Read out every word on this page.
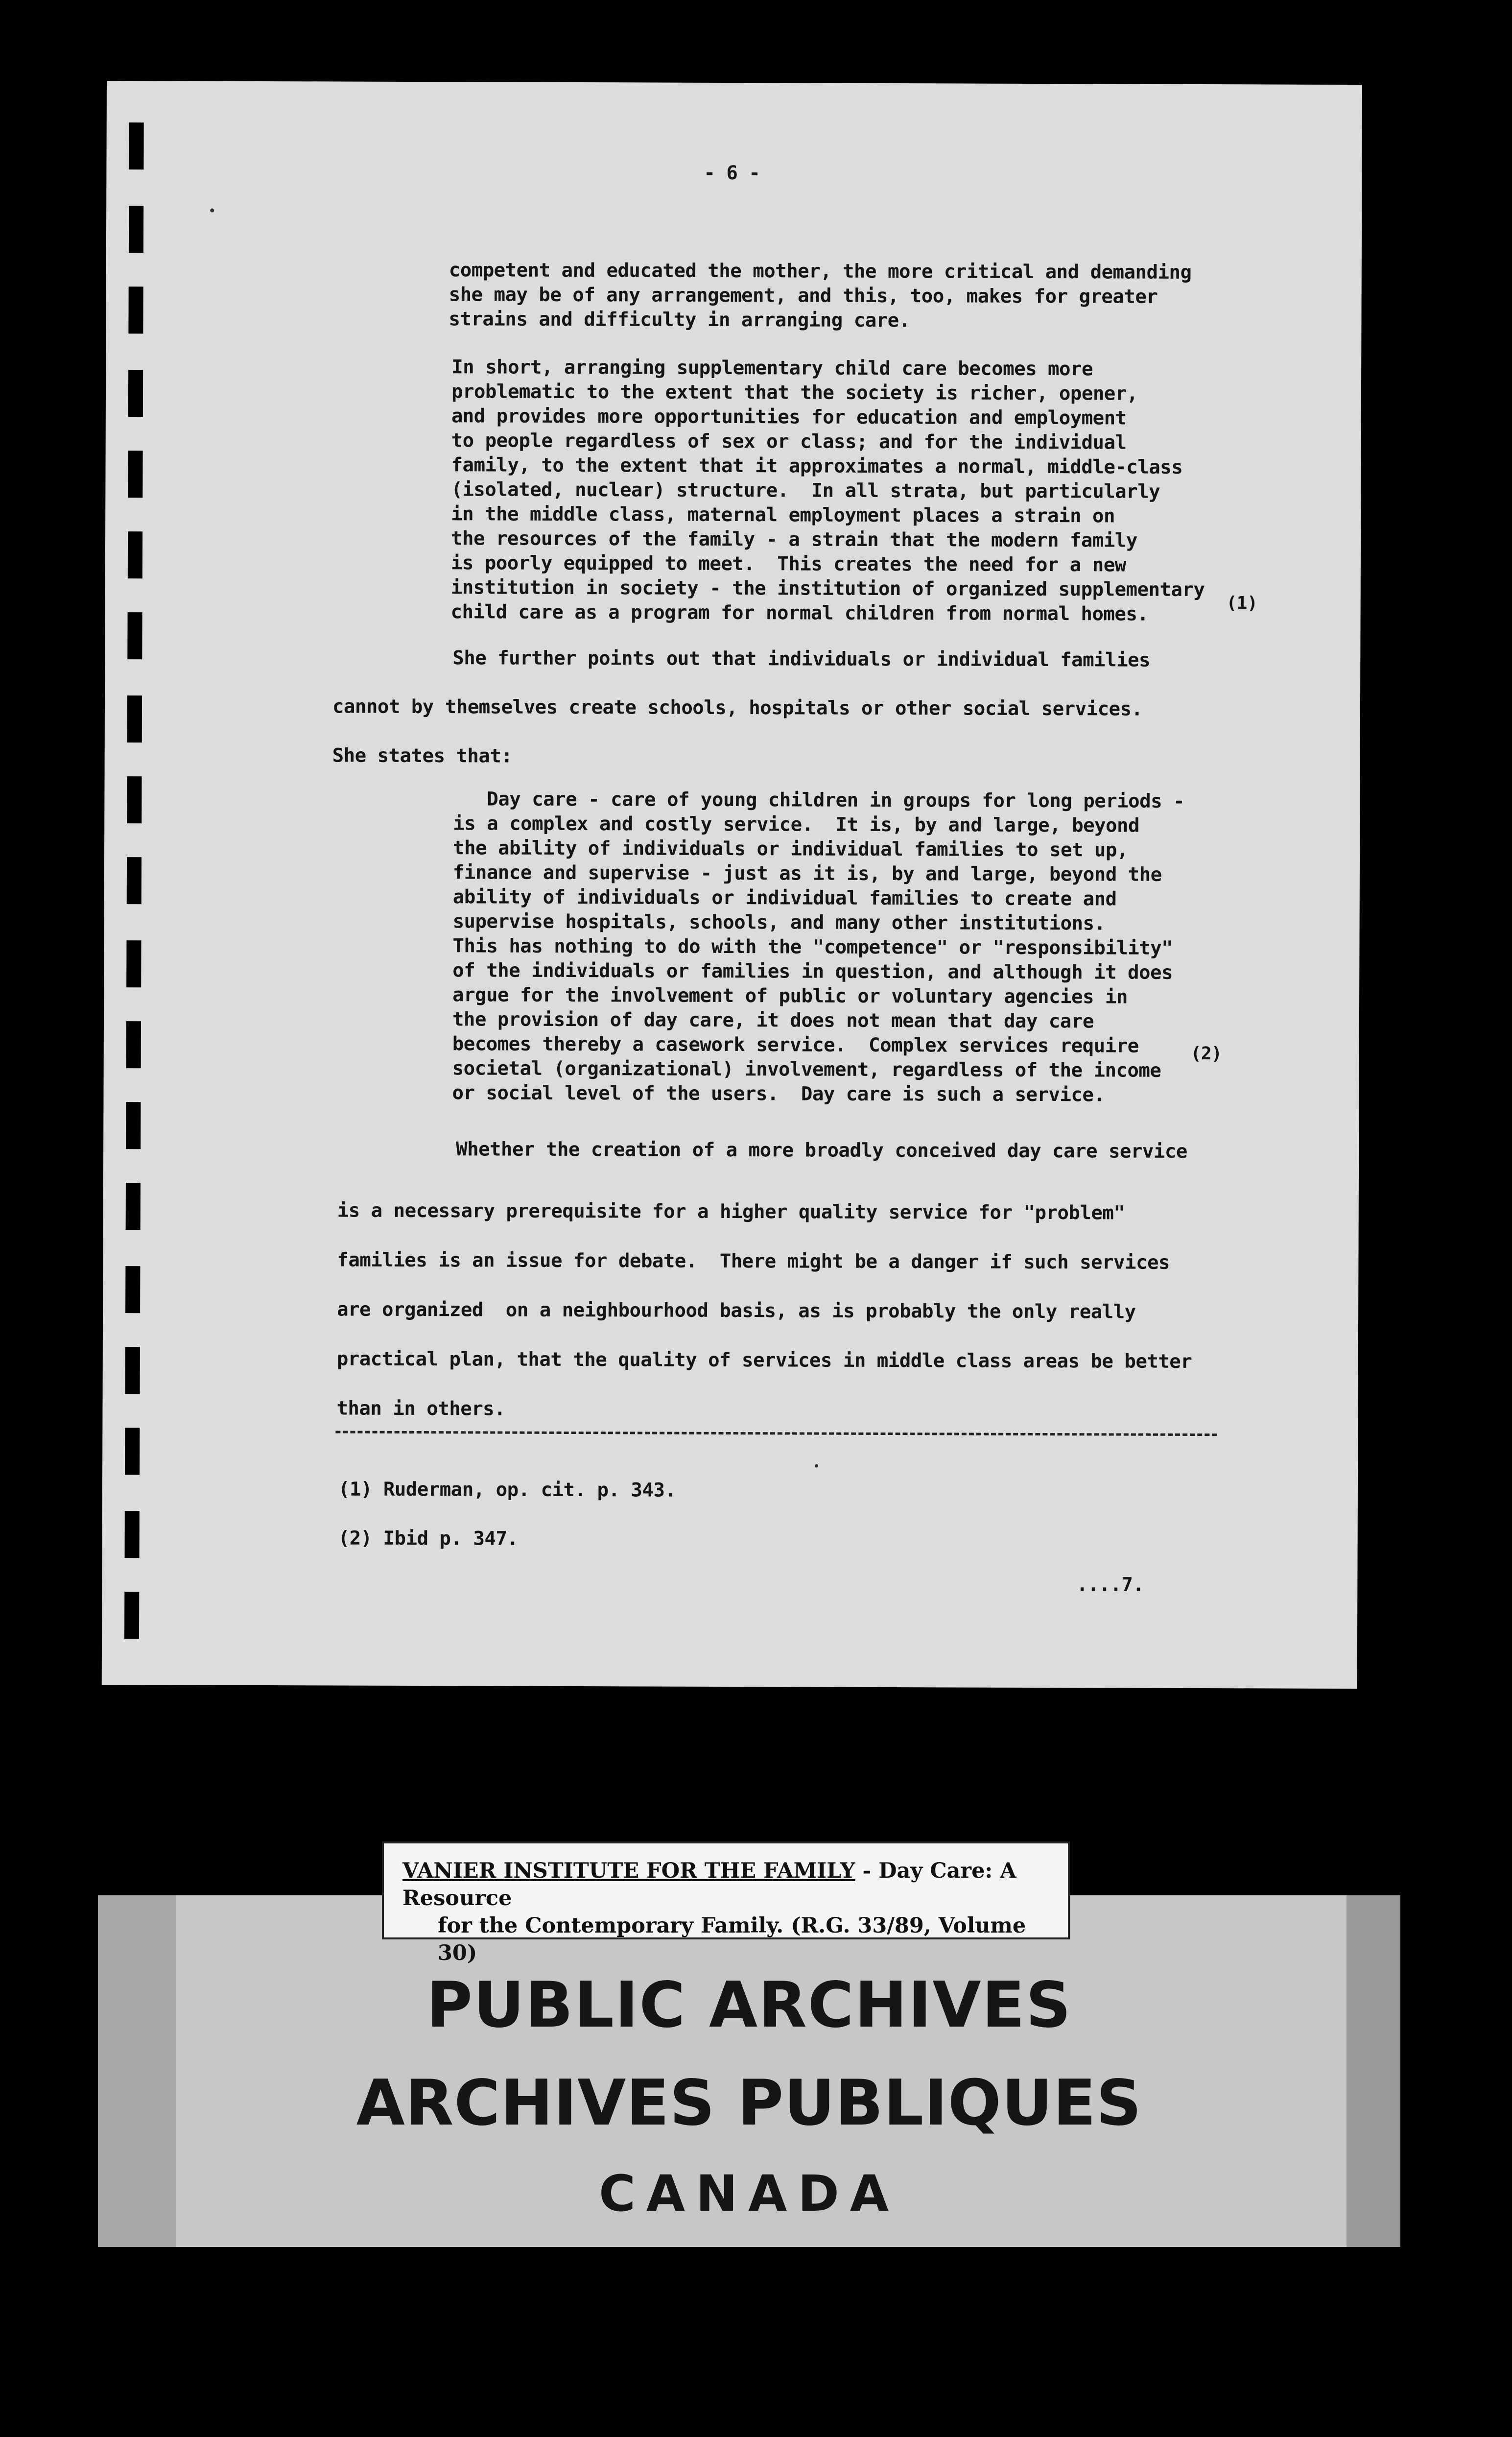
- 6 -
competent and educated the mother, the more critical and demanding
she may be of any arrangement, and this, too, makes for greater
strains and difficulty in arranging care.
In short, arranging supplementary child care becomes more
problematic to the extent that the society is richer, opener,
and provides more opportunities for education and employment
to people regardless of sex or class; and for the individual
family, to the extent that it approximates a normal, middle-class
(isolated, nuclear) structure.  In all strata, but particularly
in the middle class, maternal employment places a strain on
the resources of the family - a strain that the modern family
is poorly equipped to meet.  This creates the need for a new
institution in society - the institution of organized supplementary
child care as a program for normal children from normal homes.	(1)
She further points out that individuals or individual families
cannot by themselves create schools, hospitals or other social services.
She states that:
Day care - care of young children in groups for long periods -
is a complex and costly service.  It is, by and large, beyond
the ability of individuals or individual families to set up,
finance and supervise - just as it is, by and large, beyond the
ability of individuals or individual families to create and
supervise hospitals, schools, and many other institutions.
This has nothing to do with the "competence" or "responsibility"
of the individuals or families in question, and although it does
argue for the involvement of public or voluntary agencies in
the provision of day care, it does not mean that day care
becomes thereby a casework service.  Complex services require
societal (organizational) involvement, regardless of the income
or social level of the users.  Day care is such a service.
(2)
Whether the creation of a more broadly conceived day care service
is a necessary prerequisite for a higher quality service for "problem"
families is an issue for debate.  There might be a danger if such services
are organized  on a neighbourhood basis, as is probably the only really
practical plan, that the quality of services in middle class areas be better
than in others.
(1) Ruderman, op. cit. p. 343.
(2) Ibid p. 347.
....7.
PUBLIC ARCHIVES
ARCHIVES PUBLIQUES
CANADA
VANIER INSTITUTE FOR THE FAMILY - Day Care: A Resource
for the Contemporary Family. (R.G. 33/89, Volume 30)
